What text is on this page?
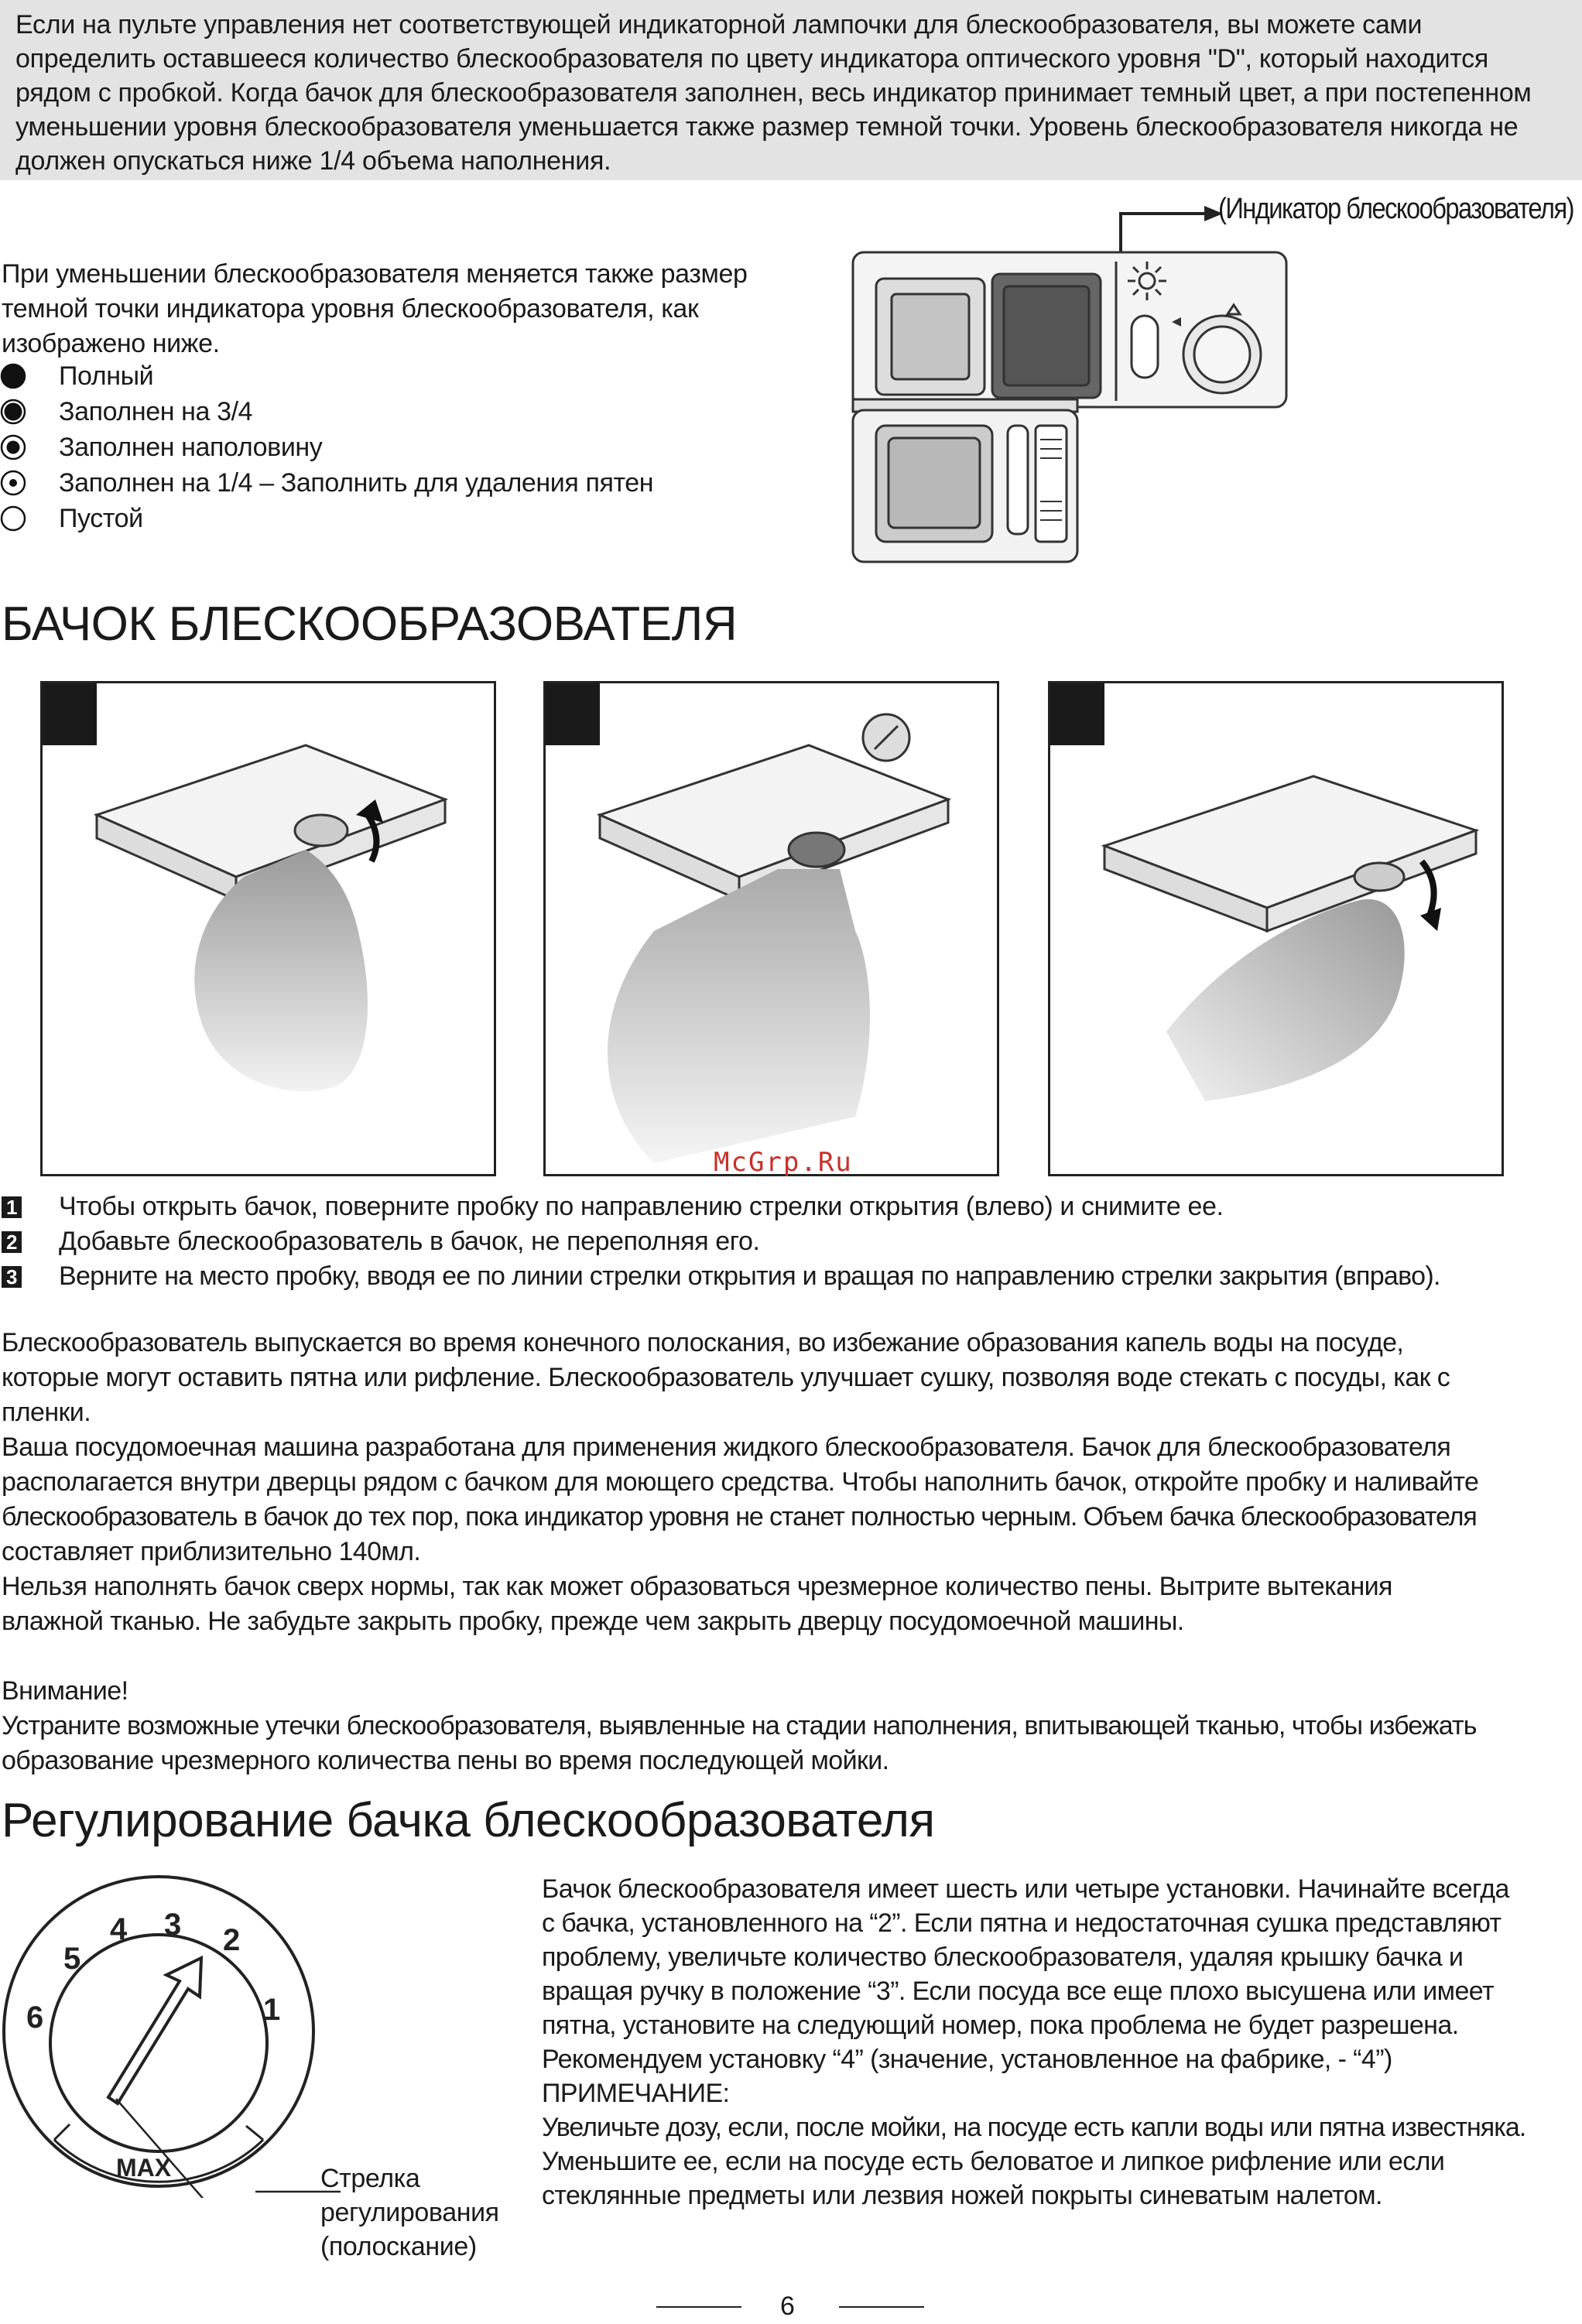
Если на пульте управления нет соответствующей индикаторной лампочки для блескообразователя, вы можете сами определить оставшееся количество блескообразователя по цвету индикатора оптического уровня "D", который находится рядом с пробкой. Когда бачок для блескообразователя заполнен, весь индикатор принимает темный цвет, а при постепенном уменьшении уровня блескообразователя уменьшается также размер темной точки. Уровень блескообразователя никогда не должен опускаться ниже 1/4 объема наполнения.
(Индикатор блескообразователя)
При уменьшении блескообразователя меняется также размер
темной точки индикатора уровня блескообразователя, как
изображено ниже.
Полный
Заполнен на 3/4
Заполнен наполовину
Заполнен на 1/4 – Заполнить для удаления пятен
Пустой
БАЧОК БЛЕСКООБРАЗОВАТЕЛЯ
McGrp.Ru
1 Чтобы открыть бачок, поверните пробку по направлению стрелки открытия (влево) и снимите ее.
2 Добавьте блескообразователь в бачок, не переполняя его.
3 Верните на место пробку, вводя ее по линии стрелки открытия и вращая по направлению стрелки закрытия (вправо).
Блескообразователь выпускается во время конечного полоскания, во избежание образования капель воды на посуде,
которые могут оставить пятна или рифление. Блескообразователь улучшает сушку, позволяя воде стекать с посуды, как с
пленки.
Ваша посудомоечная машина разработана для применения жидкого блескообразователя. Бачок для блескообразователя
располагается внутри дверцы рядом с бачком для моющего средства. Чтобы наполнить бачок, откройте пробку и наливайте
блескообразователь в бачок до тех пор, пока индикатор уровня не станет полностью черным. Объем бачка блескообразователя
составляет приблизительно 140мл.
Нельзя наполнять бачок сверх нормы, так как может образоваться чрезмерное количество пены. Вытрите вытекания
влажной тканью. Не забудьте закрыть пробку, прежде чем закрыть дверцу посудомоечной машины.
Внимание!
Устраните возможные утечки блескообразователя, выявленные на стадии наполнения, впитывающей тканью, чтобы избежать
образование чрезмерного количества пены во время последующей мойки.
Регулирование бачка блескообразователя
1
2
3
4
5
6
MAX	Стрелка
регулирования
(полоскание)
Бачок блескообразователя имеет шесть или четыре установки. Начинайте всегда
с бачка, установленного на “2”. Если пятна и недостаточная сушка представляют
проблему, увеличьте количество блескообразователя, удаляя крышку бачка и
вращая ручку в положение “3”. Если посуда все еще плохо высушена или имеет
пятна, установите на следующий номер, пока проблема не будет разрешена.
Рекомендуем установку “4” (значение, установленное на фабрике, - “4”)
ПРИМЕЧАНИЕ:
Увеличьте дозу, если, после мойки, на посуде есть капли воды или пятна известняка.
Уменьшите ее, если на посуде есть беловатое и липкое рифление или если
стеклянные предметы или лезвия ножей покрыты синеватым налетом.
6
